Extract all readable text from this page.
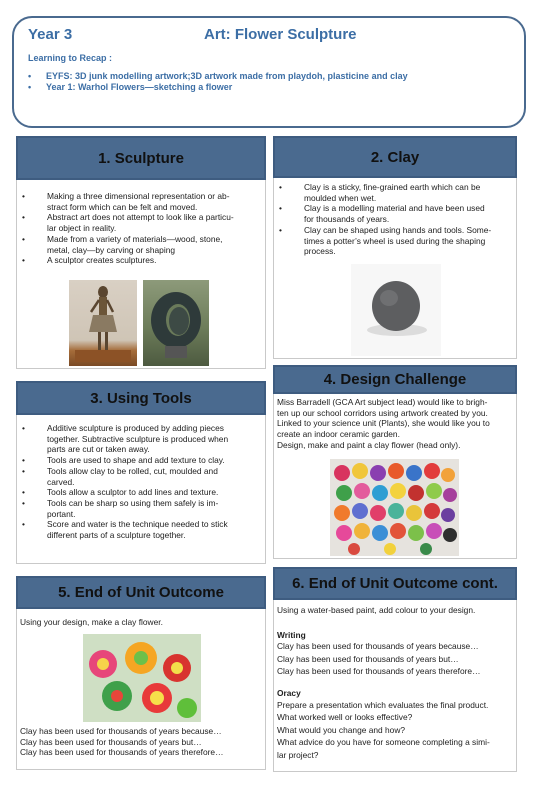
Year 3	Art: Flower Sculpture
Learning to Recap :
• EYFS: 3D junk modelling artwork;3D artwork made from playdoh, plasticine and clay
• Year 1: Warhol Flowers—sketching a flower
1. Sculpture
• Making a three dimensional representation or ab-
stract form which can be felt and moved.
• Abstract art does not attempt to look like a particu-
lar object in reality.
• Made from a variety of materials—wood, stone,
metal, clay—by carving or shaping
• A sculptor creates sculptures.
2. Clay
• Clay is a sticky, fine-grained earth which can be
moulded when wet.
• Clay is a modelling material and have been used
for thousands of years.
• Clay can be shaped using hands and tools. Some-
times a potter’s wheel is used during the shaping
process.
3. Using Tools
• Additive sculpture is produced by adding pieces
together. Subtractive sculpture is produced when
parts are cut or taken away.
• Tools are used to shape and add texture to clay.
• Tools allow clay to be rolled, cut, moulded and
carved.
• Tools allow a sculptor to add lines and texture.
• Tools can be sharp so using them safely is im-
portant.
• Score and water is the technique needed to stick
different parts of a sculpture together.
4. Design Challenge

Miss Barradell (GCA Art subject lead) would like to brigh-
ten up our school corridors using artwork created by you.
Linked to your science unit (Plants), she would like you to
create an indoor ceramic garden.
Design, make and paint a clay flower (head only).

5. End of Unit Outcome

Using your design, make a clay flower.

Clay has been used for thousands of years because…

Clay has been used for thousands of years but…

Clay has been used for thousands of years therefore…

6. End of Unit Outcome cont.

Using a water-based paint, add colour to your design.

Writing

Clay has been used for thousands of years because…

Clay has been used for thousands of years but…

Clay has been used for thousands of years therefore…

Oracy

Prepare a presentation which evaluates the final product.

What worked well or looks effective?

What would you change and how?

What advice do you have for someone completing a simi-
lar project?
